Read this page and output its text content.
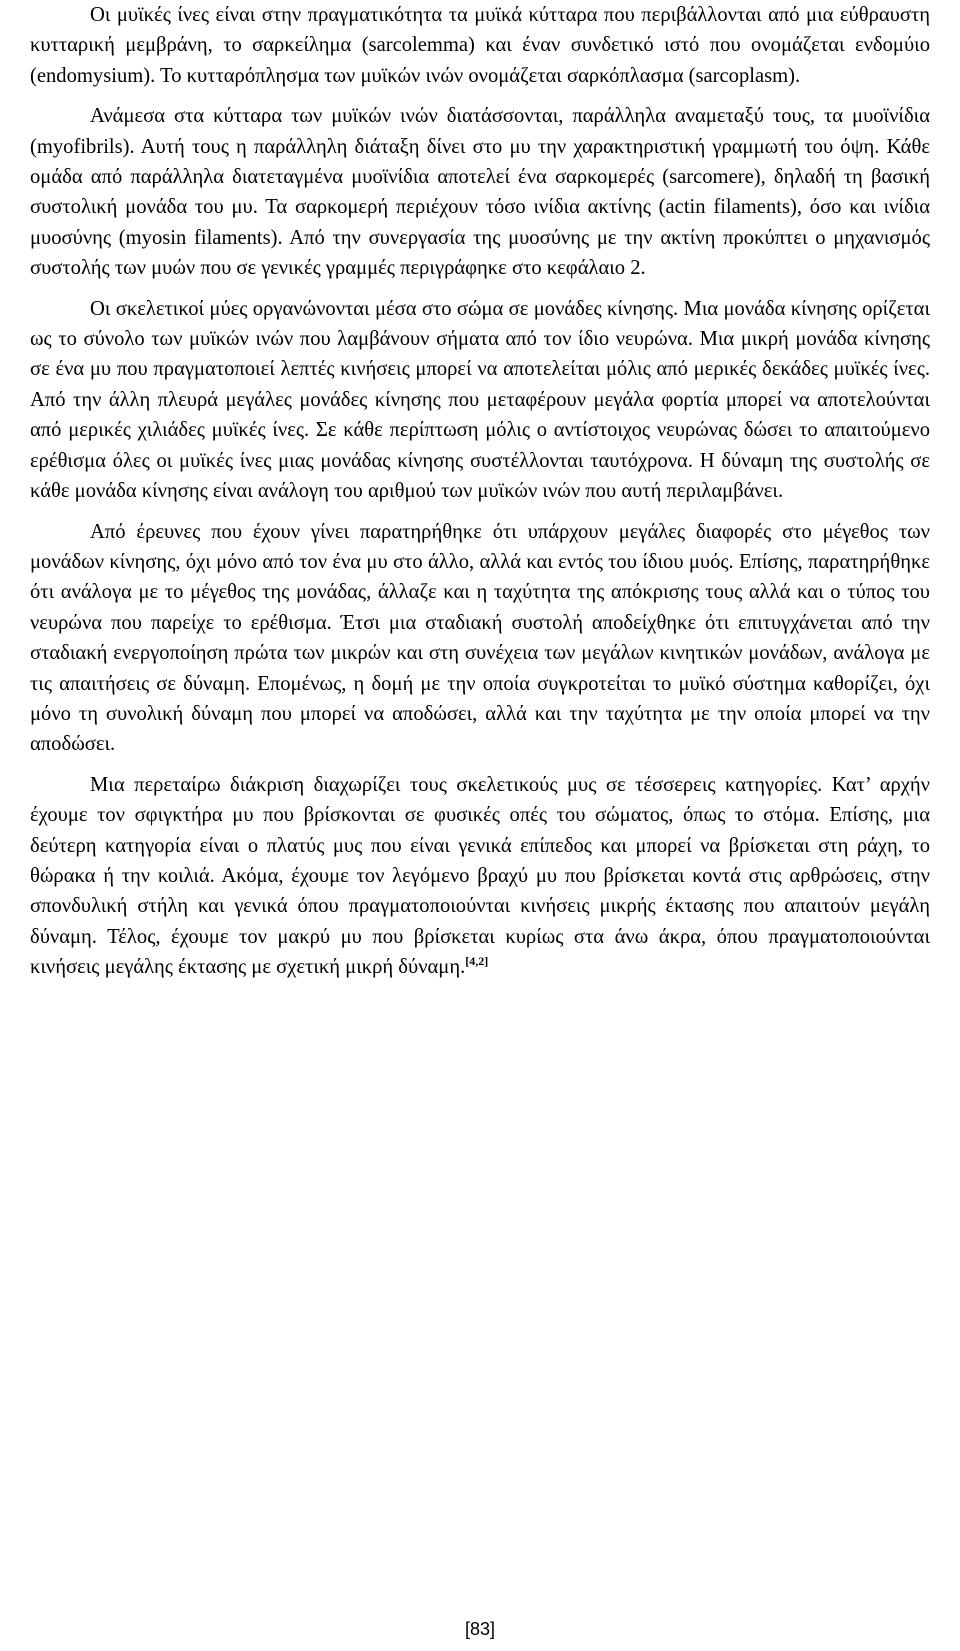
Οι μυϊκές ίνες είναι στην πραγματικότητα τα μυϊκά κύτταρα που περιβάλλονται από μια εύθραυστη κυτταρική μεμβράνη, το σαρκείλημα (sarcolemma) και έναν συνδετικό ιστό που ονομάζεται ενδομύιο (endomysium). Το κυτταρόπλησμα των μυϊκών ινών ονομάζεται σαρκόπλασμα (sarcoplasm).

Ανάμεσα στα κύτταρα των μυϊκών ινών διατάσσονται, παράλληλα αναμεταξύ τους, τα μυοϊνίδια (myofibrils). Αυτή τους η παράλληλη διάταξη δίνει στο μυ την χαρακτηριστική γραμμωτή του όψη. Κάθε ομάδα από παράλληλα διατεταγμένα μυοϊνίδια αποτελεί ένα σαρκομερές (sarcomere), δηλαδή τη βασική συστολική μονάδα του μυ. Τα σαρκομερή περιέχουν τόσο ινίδια ακτίνης (actin filaments), όσο και ινίδια μυοσύνης (myosin filaments). Από την συνεργασία της μυοσύνης με την ακτίνη προκύπτει ο μηχανισμός συστολής των μυών που σε γενικές γραμμές περιγράφηκε στο κεφάλαιο 2.

Οι σκελετικοί μύες οργανώνονται μέσα στο σώμα σε μονάδες κίνησης. Μια μονάδα κίνησης ορίζεται ως το σύνολο των μυϊκών ινών που λαμβάνουν σήματα από τον ίδιο νευρώνα. Μια μικρή μονάδα κίνησης σε ένα μυ που πραγματοποιεί λεπτές κινήσεις μπορεί να αποτελείται μόλις από μερικές δεκάδες μυϊκές ίνες. Από την άλλη πλευρά μεγάλες μονάδες κίνησης που μεταφέρουν μεγάλα φορτία μπορεί να αποτελούνται από μερικές χιλιάδες μυϊκές ίνες. Σε κάθε περίπτωση μόλις ο αντίστοιχος νευρώνας δώσει το απαιτούμενο ερέθισμα όλες οι μυϊκές ίνες μιας μονάδας κίνησης συστέλλονται ταυτόχρονα. Η δύναμη της συστολής σε κάθε μονάδα κίνησης είναι ανάλογη του αριθμού των μυϊκών ινών που αυτή περιλαμβάνει.

Από έρευνες που έχουν γίνει παρατηρήθηκε ότι υπάρχουν μεγάλες διαφορές στο μέγεθος των μονάδων κίνησης, όχι μόνο από τον ένα μυ στο άλλο, αλλά και εντός του ίδιου μυός. Επίσης, παρατηρήθηκε ότι ανάλογα με το μέγεθος της μονάδας, άλλαζε και η ταχύτητα της απόκρισης τους αλλά και ο τύπος του νευρώνα που παρείχε το ερέθισμα. Έτσι μια σταδιακή συστολή αποδείχθηκε ότι επιτυγχάνεται από την σταδιακή ενεργοποίηση πρώτα των μικρών και στη συνέχεια των μεγάλων κινητικών μονάδων, ανάλογα με τις απαιτήσεις σε δύναμη. Επομένως, η δομή με την οποία συγκροτείται το μυϊκό σύστημα καθορίζει, όχι μόνο τη συνολική δύναμη που μπορεί να αποδώσει, αλλά και την ταχύτητα με την οποία μπορεί να την αποδώσει.

Μια περεταίρω διάκριση διαχωρίζει τους σκελετικούς μυς σε τέσσερεις κατηγορίες. Κατ’ αρχήν έχουμε τον σφιγκτήρα μυ που βρίσκονται σε φυσικές οπές του σώματος, όπως το στόμα. Επίσης, μια δεύτερη κατηγορία είναι ο πλατύς μυς που είναι γενικά επίπεδος και μπορεί να βρίσκεται στη ράχη, το θώρακα ή την κοιλιά. Ακόμα, έχουμε τον λεγόμενο βραχύ μυ που βρίσκεται κοντά στις αρθρώσεις, στην σπονδυλική στήλη και γενικά όπου πραγματοποιούνται κινήσεις μικρής έκτασης που απαιτούν μεγάλη δύναμη. Τέλος, έχουμε τον μακρύ μυ που βρίσκεται κυρίως στα άνω άκρα, όπου πραγματοποιούνται κινήσεις μεγάλης έκτασης με σχετική μικρή δύναμη.[4,2]

[83]
